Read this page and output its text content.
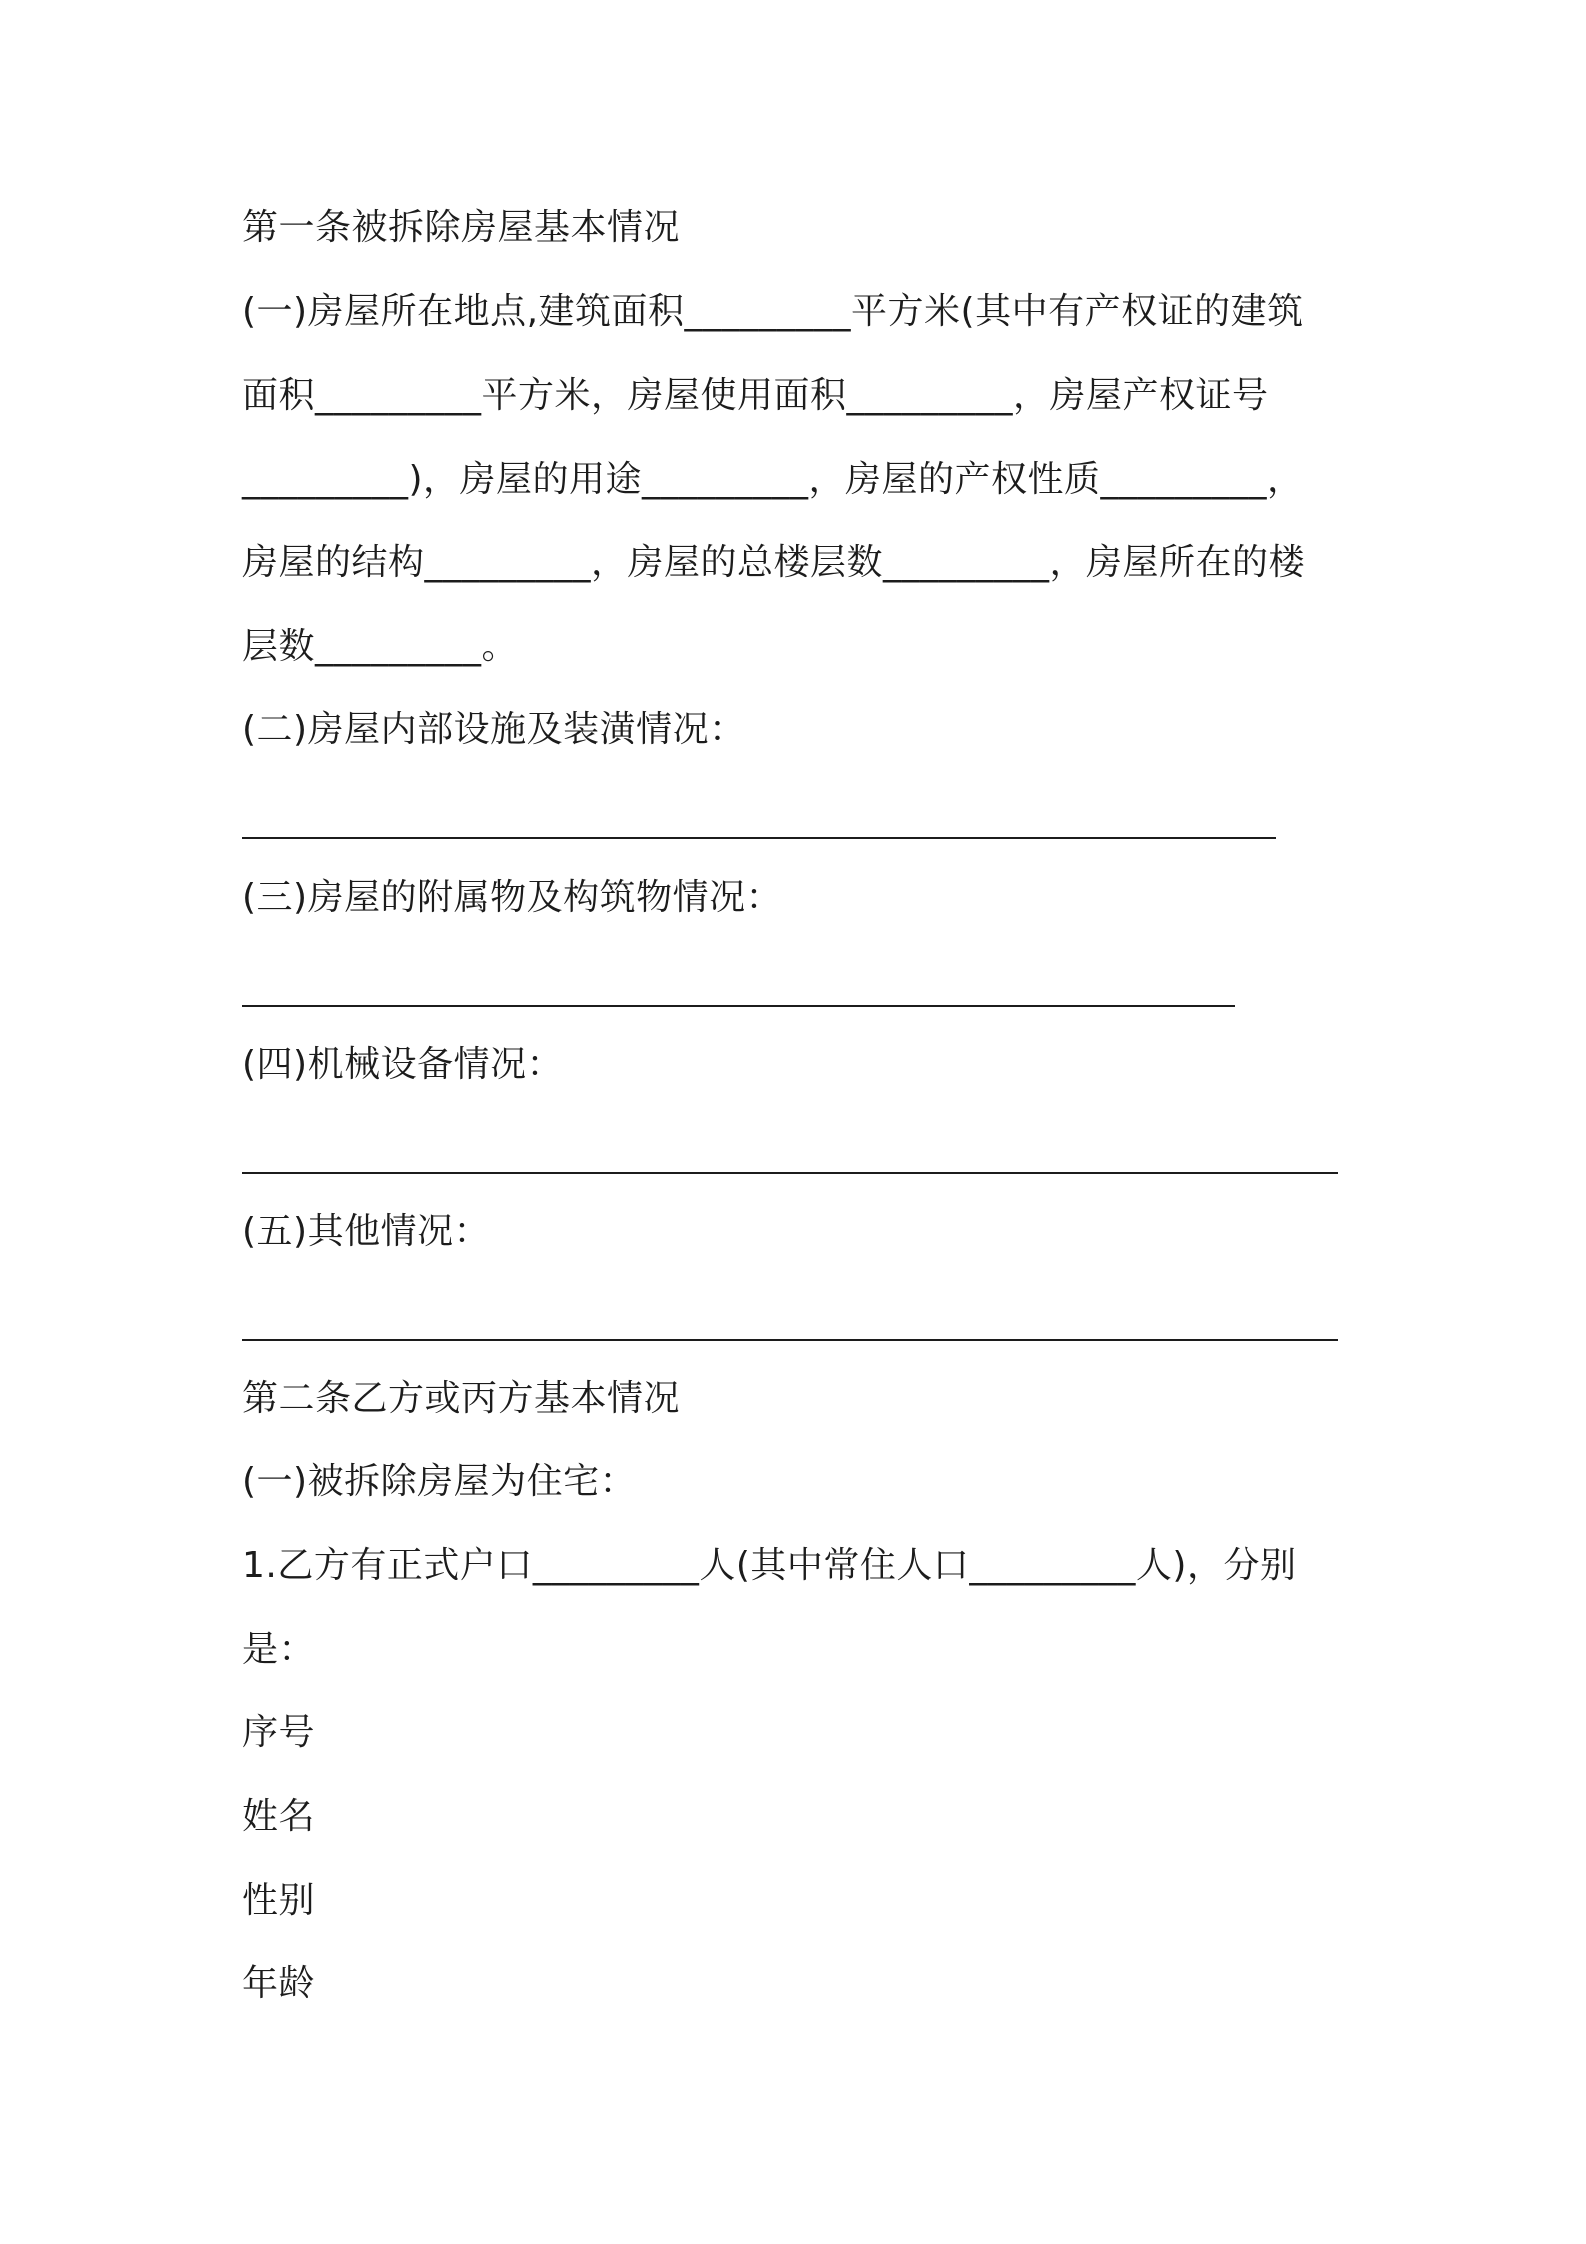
第一条被拆除房屋基本情况
(一)房屋所在地点,建筑面积_________平方米(其中有产权证的建筑
面积_________平方米，房屋使用面积_________，房屋产权证号
_________)，房屋的用途_________，房屋的产权性质_________，
房屋的结构_________，房屋的总楼层数_________，房屋所在的楼
层数_________。
(二)房屋内部设施及装潢情况：
(三)房屋的附属物及构筑物情况：
(四)机械设备情况：
(五)其他情况：
第二条乙方或丙方基本情况
(一)被拆除房屋为住宅：
1.乙方有正式户口_________人(其中常住人口_________人)，分别
是：
序号
姓名
性别
年龄
